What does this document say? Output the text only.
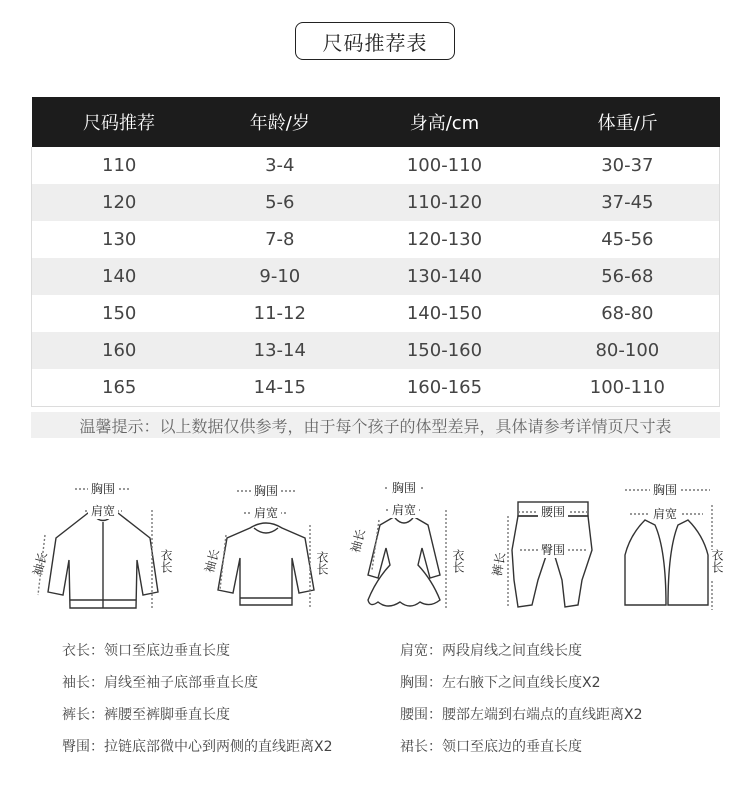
尺码推荐表
尺码推荐	年龄/岁	身高/cm	体重/斤
110	3-4	100-110	30-37
120	5-6	110-120	37-45
130	7-8	120-130	45-56
140	9-10	130-140	56-68
150	11-12	140-150	68-80
160	13-14	150-160	80-100
165	14-15	160-165	100-110
温馨提示：以上数据仅供参考，由于每个孩子的体型差异，具体请参考详情页尺寸表
胸围
肩宽
袖长	衣长
胸围
肩宽
袖长	衣长
胸围
肩宽
袖长
衣长
腰围
臀围
裤长
胸围
肩宽
衣长
衣长：领口至底边垂直长度
袖长：肩线至袖子底部垂直长度
裤长：裤腰至裤脚垂直长度
臀围：拉链底部微中心到两侧的直线距离X2
肩宽：两段肩线之间直线长度
胸围：左右腋下之间直线长度X2
腰围：腰部左端到右端点的直线距离X2
裙长：领口至底边的垂直长度
